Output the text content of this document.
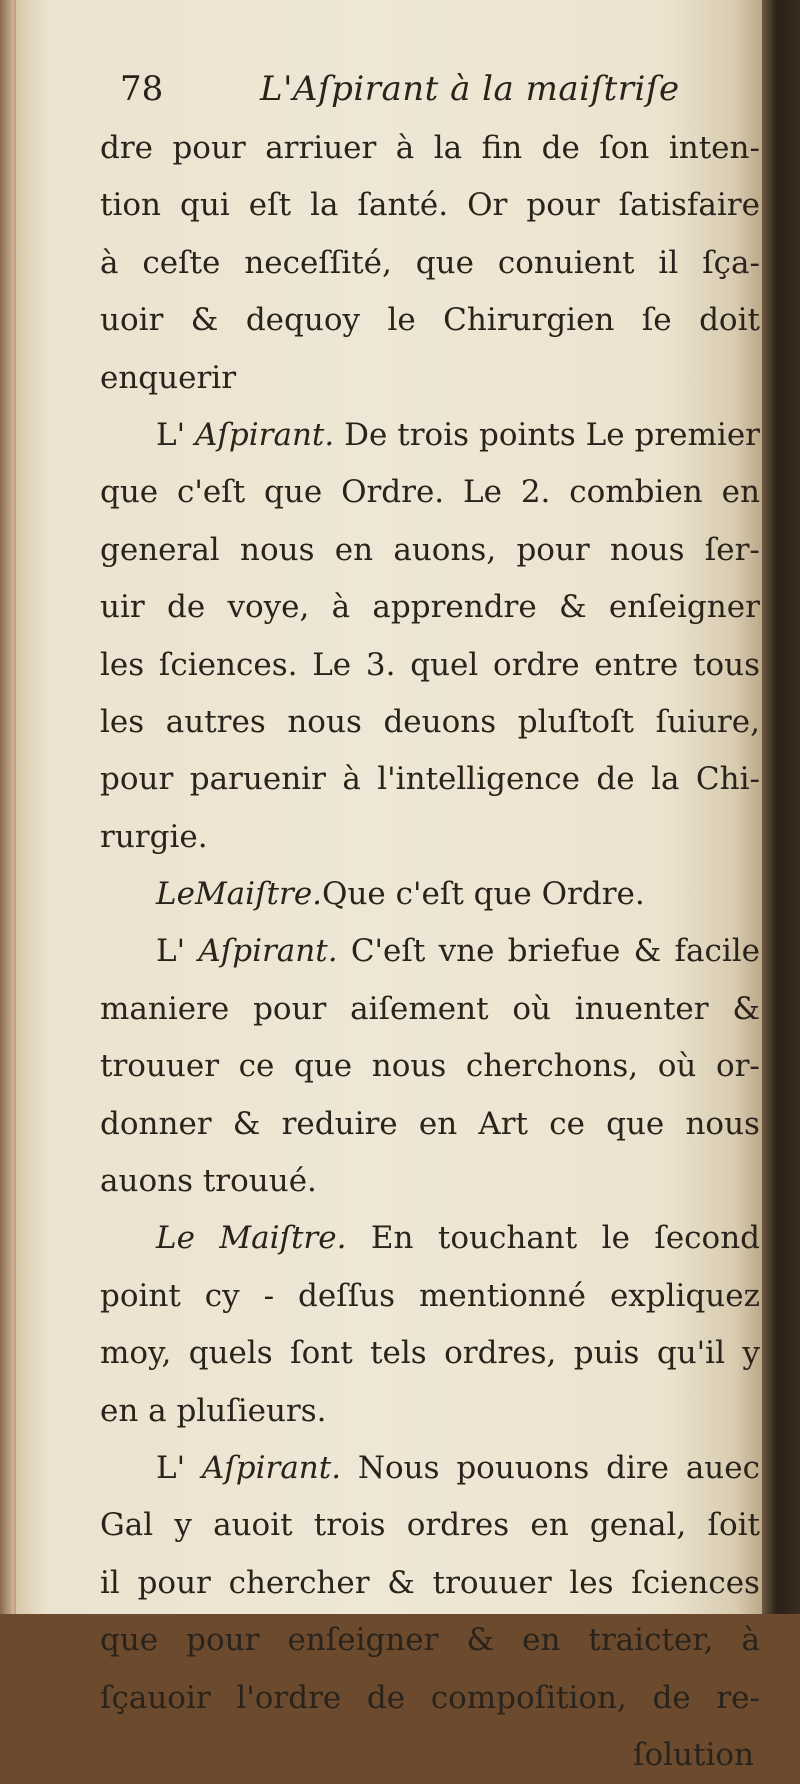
78	L'Aſpirant à la maiſtriſe
dre pour arriuer à la fin de ſon inten-
tion qui eſt la ſanté. Or pour ſatisfaire
à ceſte neceſſité, que conuient il ſça-
uoir & dequoy le Chirurgien ſe doit
enquerir
L' Aſpirant. De trois points Le premier
que c'eſt que Ordre. Le 2. combien en
general nous en auons, pour nous ſer-
uir de voye, à apprendre & enſeigner
les ſciences. Le 3. quel ordre entre tous
les autres nous deuons pluſtoſt ſuiure,
pour paruenir à l'intelligence de la Chi-
rurgie.
Le Maiſtre. Que c'eſt que Ordre.
L' Aſpirant. C'eſt vne briefue & facile
maniere pour aiſement où inuenter &
trouuer ce que nous cherchons, où or-
donner & reduire en Art ce que nous
auons trouué.
Le Maiſtre. En touchant le ſecond
point cy - deſſus mentionné expliquez
moy, quels ſont tels ordres, puis qu'il y
en a pluſieurs.
L' Aſpirant. Nous pouuons dire auec
Gal y auoit trois ordres en genal, ſoit
il pour chercher & trouuer les ſciences
que pour enſeigner & en traicter, à
ſçauoir l'ordre de compoſition, de re-
ſolution
